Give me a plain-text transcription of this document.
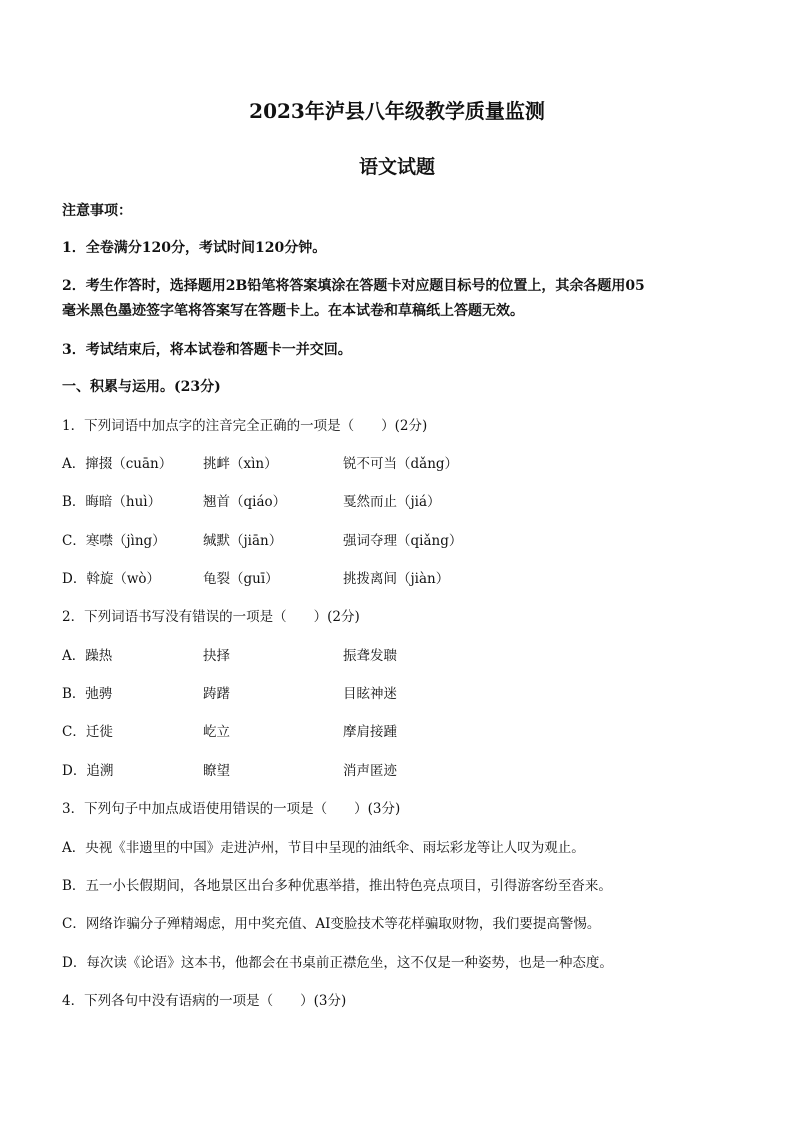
2023年泸县八年级教学质量监测
语文试题
注意事项：
1．全卷满分120分，考试时间120分钟。
2．考生作答时，选择题用2B铅笔将答案填涂在答题卡对应题目标号的位置上，其余各题用05
毫米黑色墨迹签字笔将答案写在答题卡上。在本试卷和草稿纸上答题无效。
3．考试结束后，将本试卷和答题卡一并交回。
一、积累与运用。(23分)
1．下列词语中加点字的注音完全正确的一项是（　　）(2分)
A．撺掇（cuān） 挑衅（xìn）	锐不可当（dǎng）
B．晦暗（huì）	翘首（qiáo）	戛然而止（jiá）
C．寒噤（jìng）	缄默（jiān）	强词夺理（qiǎng）
D．斡旋（wò）	龟裂（guī）	挑拨离间（jiàn）
2．下列词语书写没有错误的一项是（　　）(2分)
A．躁热	抉择	振聋发聩
B．弛骋	踌躇	目眩神迷
C．迁徙	屹立	摩肩接踵
D．追溯	瞭望	消声匿迹
3．下列句子中加点成语使用错误的一项是（　　）(3分)
A．央视《非遗里的中国》走进泸州，节目中呈现的油纸伞、雨坛彩龙等让人叹为观止。
B．五一小长假期间，各地景区出台多种优惠举措，推出特色亮点项目，引得游客纷至沓来。
C．网络诈骗分子殚精竭虑，用中奖充值、AI变脸技术等花样骗取财物，我们要提高警惕。
D．每次读《论语》这本书，他都会在书桌前正襟危坐，这不仅是一种姿势，也是一种态度。
4．下列各句中没有语病的一项是（　　）(3分)
